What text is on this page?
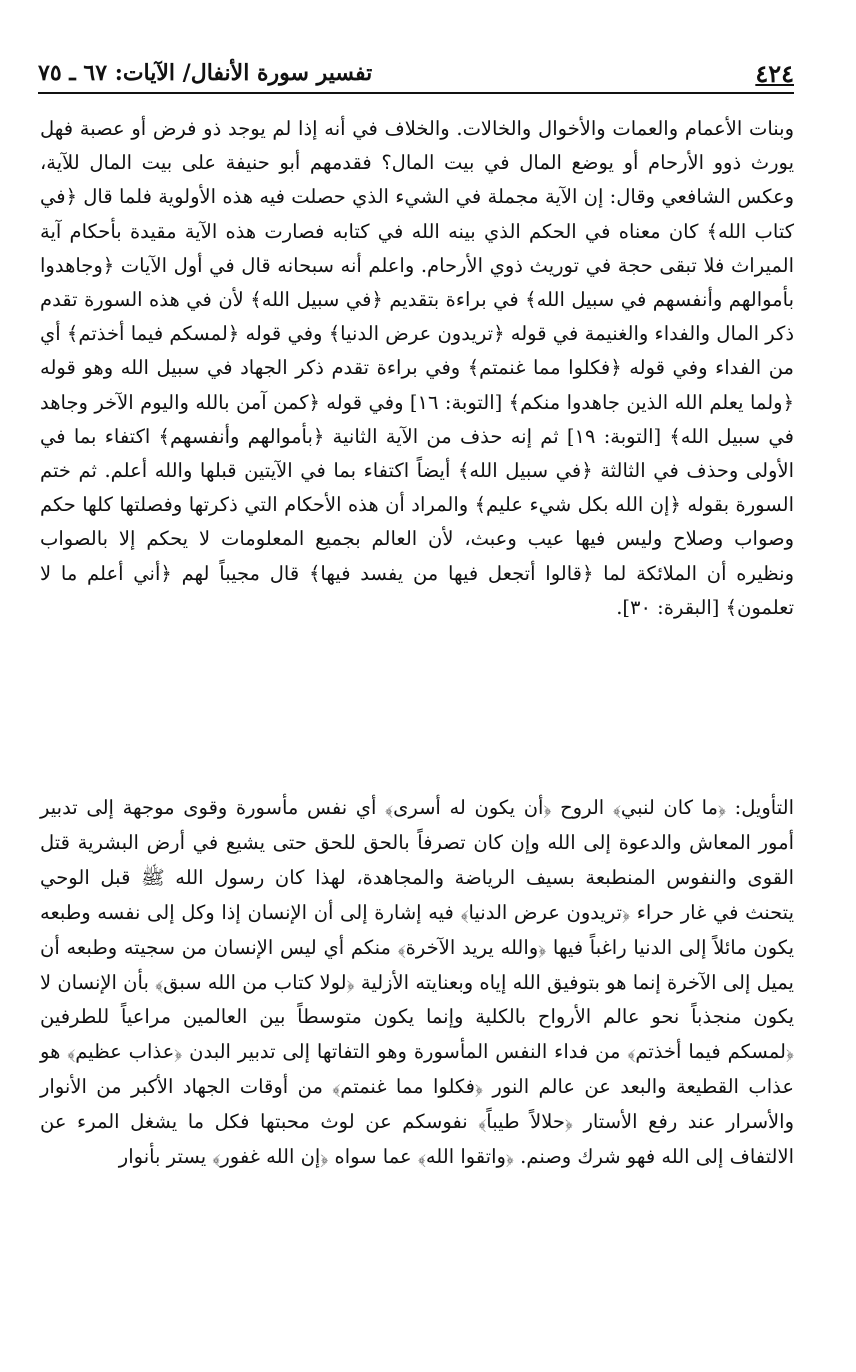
٤٢٤
تفسير سورة الأنفال/ الآيات: ٦٧ ـ ٧٥

وبنات الأعمام والعمات والأخوال والخالات. والخلاف في أنه إذا لم يوجد ذو فرض أو عصبة فهل يورث ذوو الأرحام أو يوضع المال في بيت المال؟ فقدمهم أبو حنيفة على بيت المال للآية، وعكس الشافعي وقال: إن الآية مجملة في الشيء الذي حصلت فيه هذه الأولوية فلما قال ﴿في كتاب الله﴾ كان معناه في الحكم الذي بينه الله في كتابه فصارت هذه الآية مقيدة بأحكام آية الميراث فلا تبقى حجة في توريث ذوي الأرحام. واعلم أنه سبحانه قال في أول الآيات ﴿وجاهدوا بأموالهم وأنفسهم في سبيل الله﴾ في براءة بتقديم ﴿في سبيل الله﴾ لأن في هذه السورة تقدم ذكر المال والفداء والغنيمة في قوله ﴿تريدون عرض الدنيا﴾ وفي قوله ﴿لمسكم فيما أخذتم﴾ أي من الفداء وفي قوله ﴿فكلوا مما غنمتم﴾ وفي براءة تقدم ذكر الجهاد في سبيل الله وهو قوله ﴿ولما يعلم الله الذين جاهدوا منكم﴾ [التوبة: ١٦] وفي قوله ﴿كمن آمن بالله واليوم الآخر وجاهد في سبيل الله﴾ [التوبة: ١٩] ثم إنه حذف من الآية الثانية ﴿بأموالهم وأنفسهم﴾ اكتفاء بما في الأولى وحذف في الثالثة ﴿في سبيل الله﴾ أيضاً اكتفاء بما في الآيتين قبلها والله أعلم. ثم ختم السورة بقوله ﴿إن الله بكل شيء عليم﴾ والمراد أن هذه الأحكام التي ذكرتها وفصلتها كلها حكم وصواب وصلاح وليس فيها عيب وعبث، لأن العالم بجميع المعلومات لا يحكم إلا بالصواب ونظيره أن الملائكة لما ﴿قالوا أتجعل فيها من يفسد فيها﴾ قال مجيباً لهم ﴿أني أعلم ما لا تعلمون﴾ [البقرة: ٣٠].

التأويل: ﴿ما كان لنبي﴾ الروح ﴿أن يكون له أسرى﴾ أي نفس مأسورة وقوى موجهة إلى تدبير أمور المعاش والدعوة إلى الله وإن كان تصرفاً بالحق للحق حتى يشيع في أرض البشرية قتل القوى والنفوس المنطبعة بسيف الرياضة والمجاهدة، لهذا كان رسول الله ﷺ قبل الوحي يتحنث في غار حراء ﴿تريدون عرض الدنيا﴾ فيه إشارة إلى أن الإنسان إذا وكل إلى نفسه وطبعه يكون مائلاً إلى الدنيا راغباً فيها ﴿والله يريد الآخرة﴾ منكم أي ليس الإنسان من سجيته وطبعه أن يميل إلى الآخرة إنما هو بتوفيق الله إياه وبعنايته الأزلية ﴿لولا كتاب من الله سبق﴾ بأن الإنسان لا يكون منجذباً نحو عالم الأرواح بالكلية وإنما يكون متوسطاً بين العالمين مراعياً للطرفين ﴿لمسكم فيما أخذتم﴾ من فداء النفس المأسورة وهو التفاتها إلى تدبير البدن ﴿عذاب عظيم﴾ هو عذاب القطيعة والبعد عن عالم النور ﴿فكلوا مما غنمتم﴾ من أوقات الجهاد الأكبر من الأنوار والأسرار عند رفع الأستار ﴿حلالاً طيباً﴾ نفوسكم عن لوث محبتها فكل ما يشغل المرء عن الالتفاف إلى الله فهو شرك وصنم. ﴿واتقوا الله﴾ عما سواه ﴿إن الله غفور﴾ يستر بأنوار
